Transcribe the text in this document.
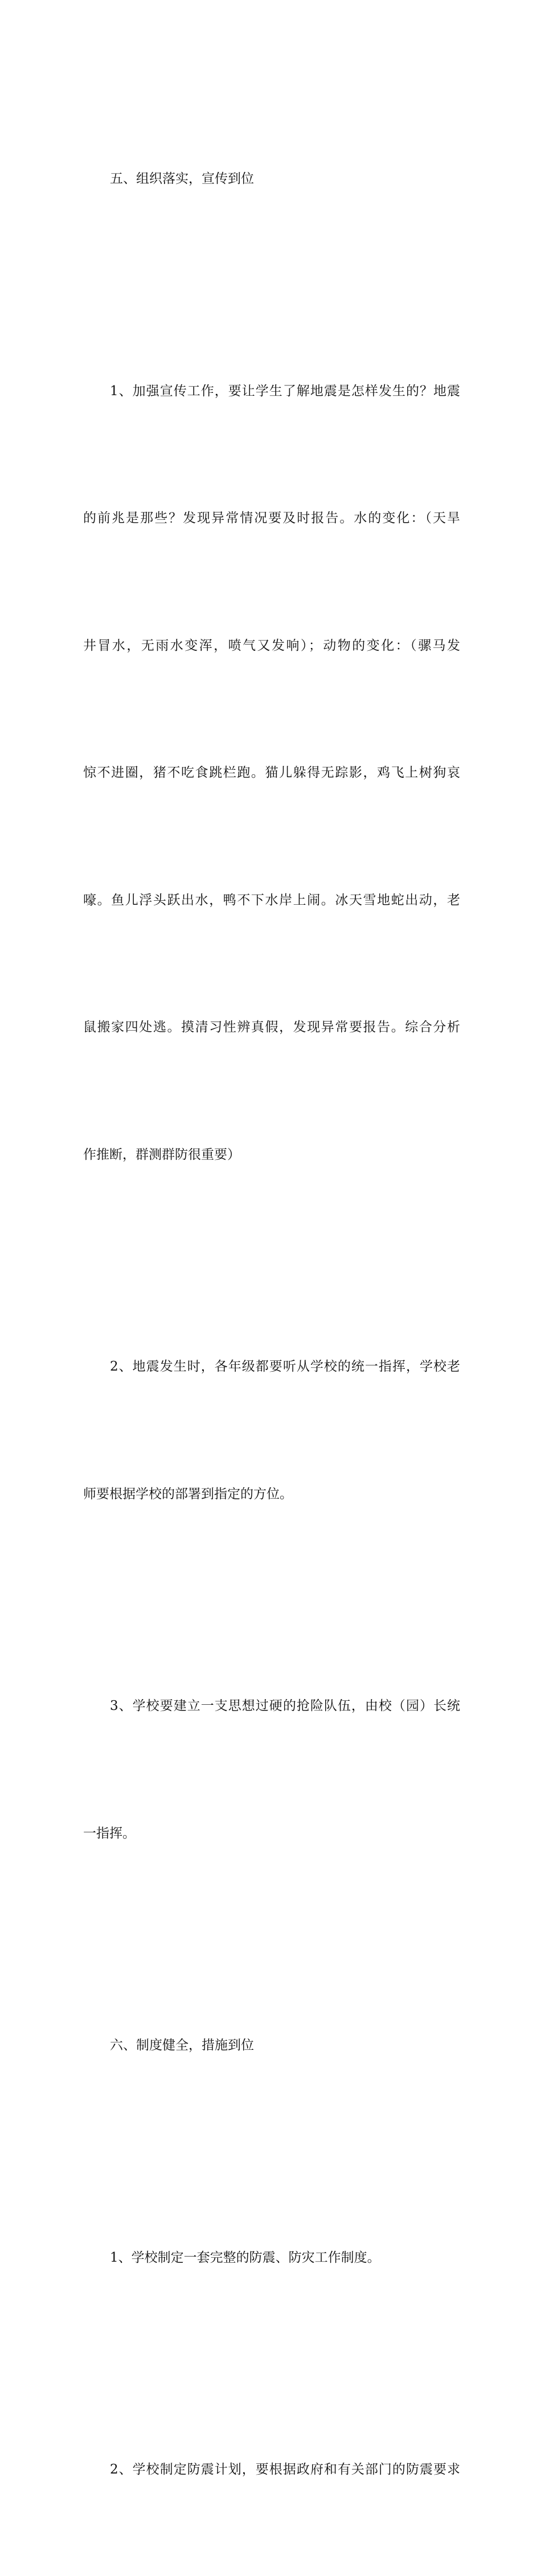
五、组织落实，宣传到位

1、加强宣传工作，要让学生了解地震是怎样发生的？地震

的前兆是那些？发现异常情况要及时报告。水的变化：（天旱

井冒水，无雨水变浑，喷气又发响）；动物的变化：（骡马发

惊不进圈，猪不吃食跳栏跑。猫儿躲得无踪影，鸡飞上树狗哀

嚎。鱼儿浮头跃出水，鸭不下水岸上闹。冰天雪地蛇出动，老

鼠搬家四处逃。摸清习性辨真假，发现异常要报告。综合分析

作推断，群测群防很重要）

2、地震发生时，各年级都要听从学校的统一指挥，学校老

师要根据学校的部署到指定的方位。

3、学校要建立一支思想过硬的抢险队伍，由校（园）长统

一指挥。

六、制度健全，措施到位

1、学校制定一套完整的防震、防灾工作制度。

2、学校制定防震计划，要根据政府和有关部门的防震要求
